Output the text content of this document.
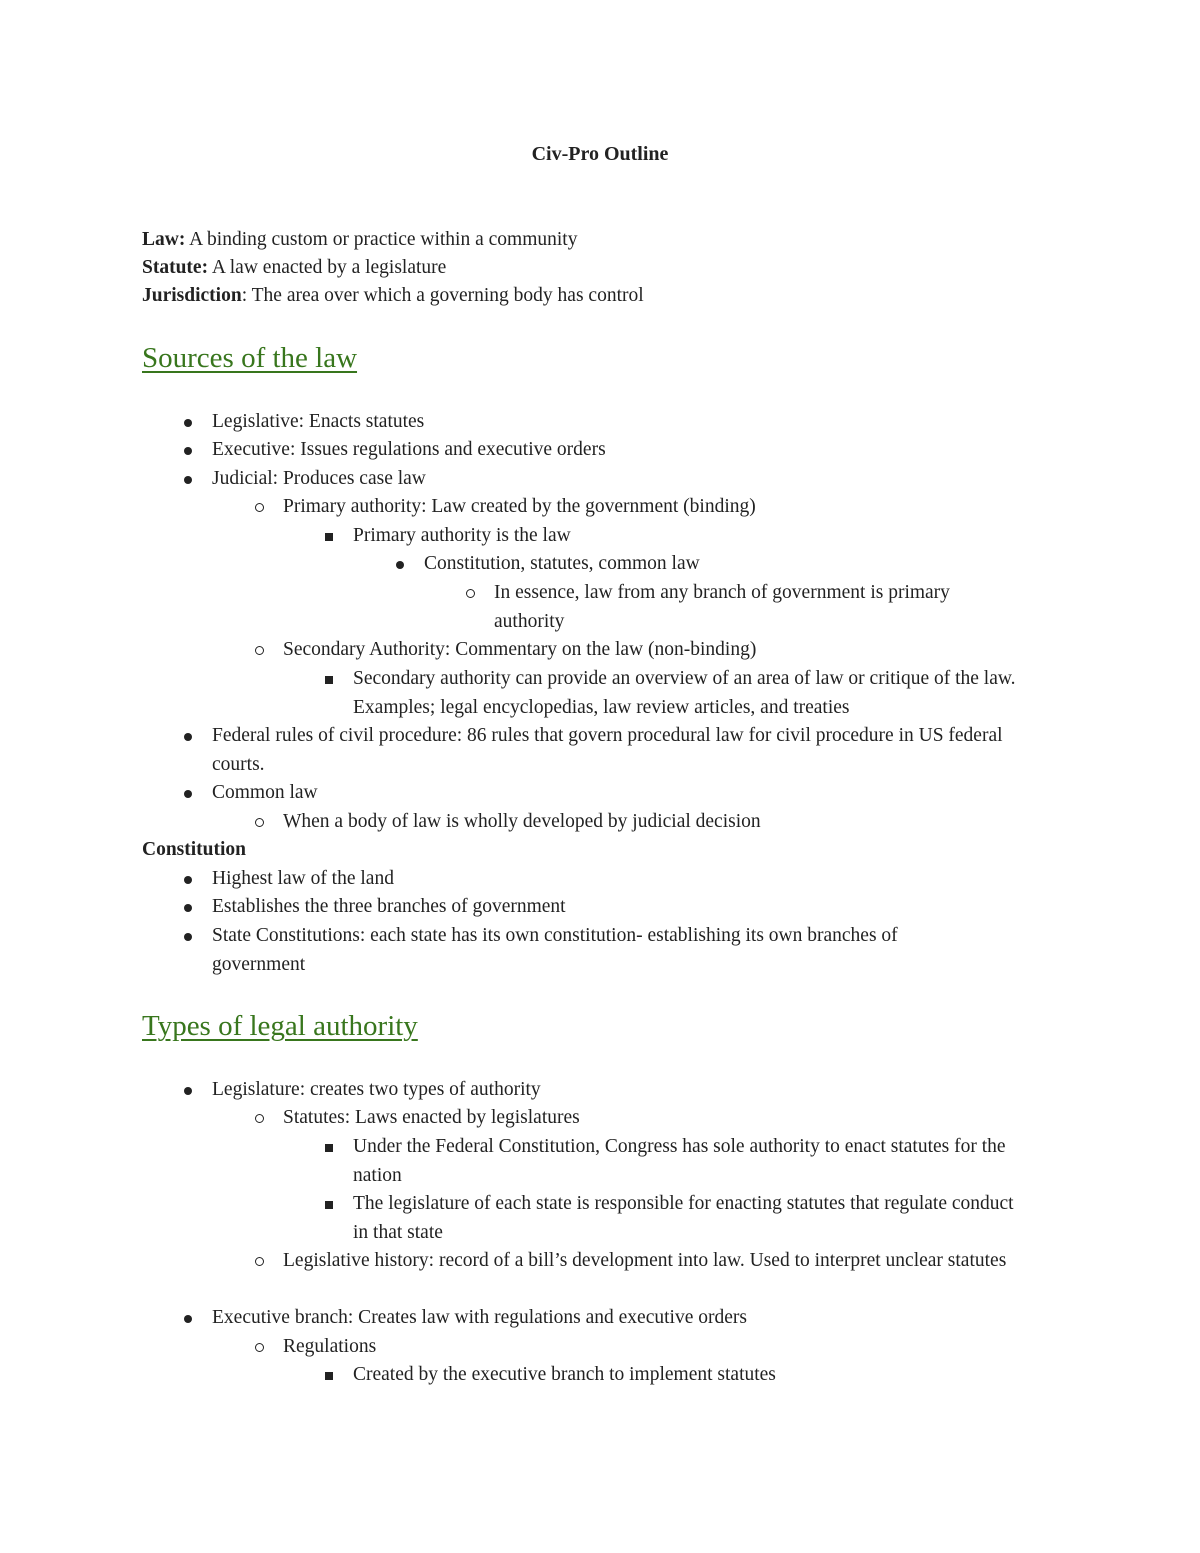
Civ-Pro Outline
Law: A binding custom or practice within a community
Statute: A law enacted by a legislature
Jurisdiction: The area over which a governing body has control
Sources of the law
Legislative: Enacts statutes
Executive: Issues regulations and executive orders
Judicial: Produces case law
Primary authority: Law created by the government (binding)
Primary authority is the law
Constitution, statutes, common law
In essence, law from any branch of government is primary authority
Secondary Authority: Commentary on the law (non-binding)
Secondary authority can provide an overview of an area of law or critique of the law. Examples; legal encyclopedias, law review articles, and treaties
Federal rules of civil procedure: 86 rules that govern procedural law for civil procedure in US federal courts.
Common law
When a body of law is wholly developed by judicial decision
Constitution
Highest law of the land
Establishes the three branches of government
State Constitutions: each state has its own constitution- establishing its own branches of government
Types of legal authority
Legislature: creates two types of authority
Statutes: Laws enacted by legislatures
Under the Federal Constitution, Congress has sole authority to enact statutes for the nation
The legislature of each state is responsible for enacting statutes that regulate conduct in that state
Legislative history: record of a bill’s development into law. Used to interpret unclear statutes
Executive branch: Creates law with regulations and executive orders
Regulations
Created by the executive branch to implement statutes
